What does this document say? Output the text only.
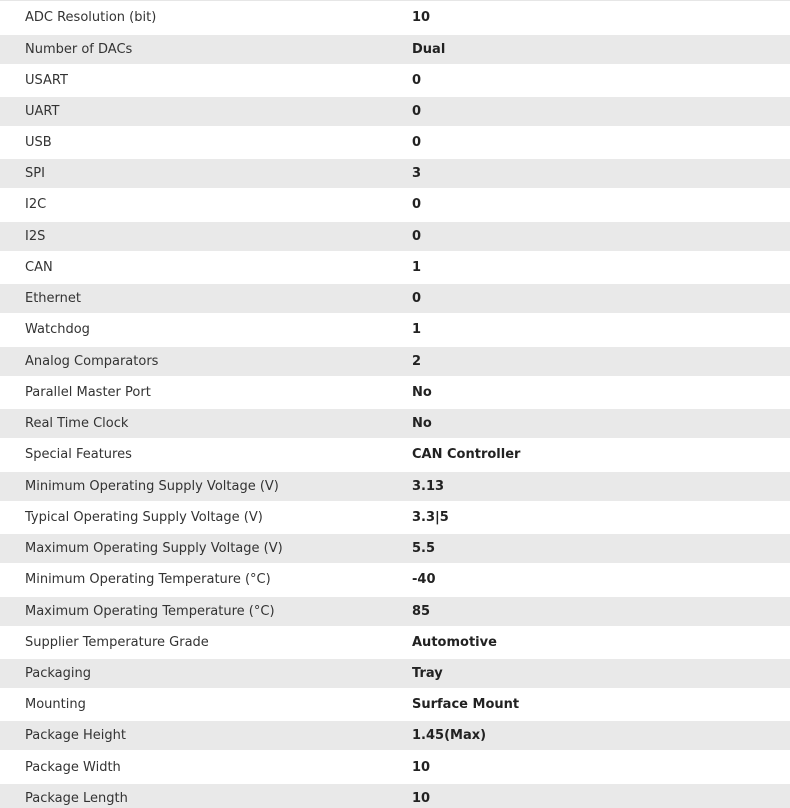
ADC Resolution (bit)	10
Number of DACs	Dual
USART	0
UART	0
USB	0
SPI	3
I2C	0
I2S	0
CAN	1
Ethernet	0
Watchdog	1
Analog Comparators	2
Parallel Master Port	No
Real Time Clock	No
Special Features	CAN Controller
Minimum Operating Supply Voltage (V)	3.13
Typical Operating Supply Voltage (V)	3.3|5
Maximum Operating Supply Voltage (V)	5.5
Minimum Operating Temperature (°C)	-40
Maximum Operating Temperature (°C)	85
Supplier Temperature Grade	Automotive
Packaging	Tray
Mounting	Surface Mount
Package Height	1.45(Max)
Package Width	10
Package Length	10
